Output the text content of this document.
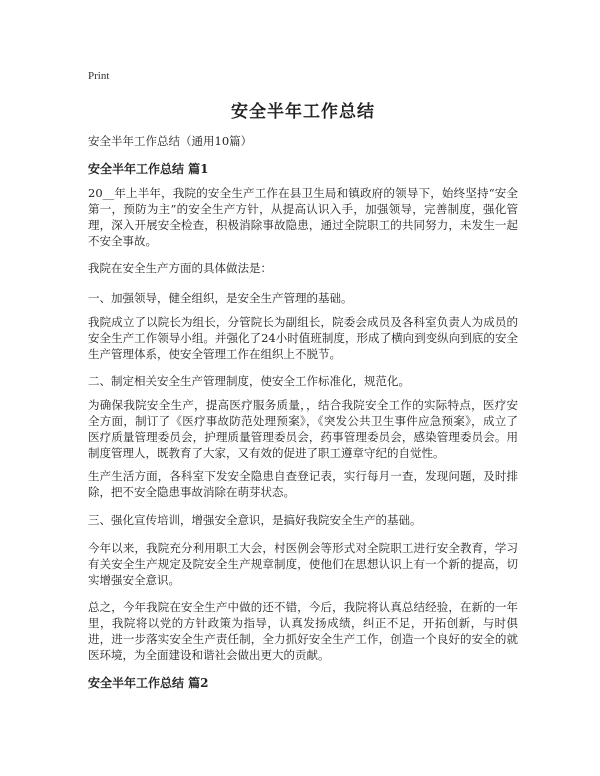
Print
安全半年工作总结
安全半年工作总结（通用10篇）
安全半年工作总结 篇1

20__年上半年，我院的安全生产工作在县卫生局和镇政府的领导下，始终坚持“安全第一，预防为主”的安全生产方针，从提高认识入手，加强领导，完善制度，强化管理，深入开展安全检查，积极消除事故隐患，通过全院职工的共同努力，未发生一起不安全事故。

我院在安全生产方面的具体做法是：

一、加强领导，健全组织，是安全生产管理的基础。

我院成立了以院长为组长，分管院长为副组长，院委会成员及各科室负责人为成员的安全生产工作领导小组。并强化了24小时值班制度，形成了横向到变纵向到底的安全生产管理体系，使安全管理工作在组织上不脱节。

二、制定相关安全生产管理制度，使安全工作标准化，规范化。

为确保我院安全生产，提高医疗服务质量，，结合我院安全工作的实际特点，医疗安全方面，制订了《医疗事故防范处理预案》，《突发公共卫生事件应急预案》，成立了医疗质量管理委员会，护理质量管理委员会，药事管理委员会，感染管理委员会。用制度管理人，既教育了大家，又有效的促进了职工遵章守纪的自觉性。

生产生活方面，各科室下发安全隐患自查登记表，实行每月一查，发现问题，及时排除，把不安全隐患事故消除在萌芽状态。

三、强化宣传培训，增强安全意识，是搞好我院安全生产的基础。

今年以来，我院充分利用职工大会，村医例会等形式对全院职工进行安全教育，学习有关安全生产规定及院安全生产规章制度，使他们在思想认识上有一个新的提高，切实增强安全意识。

总之，今年我院在安全生产中做的还不错，今后，我院将认真总结经验，在新的一年里，我院将以党的方针政策为指导，认真发扬成绩，纠正不足，开拓创新，与时俱进，进一步落实安全生产责任制，全力抓好安全生产工作，创造一个良好的安全的就医环境，为全面建设和谐社会做出更大的贡献。

安全半年工作总结 篇2
